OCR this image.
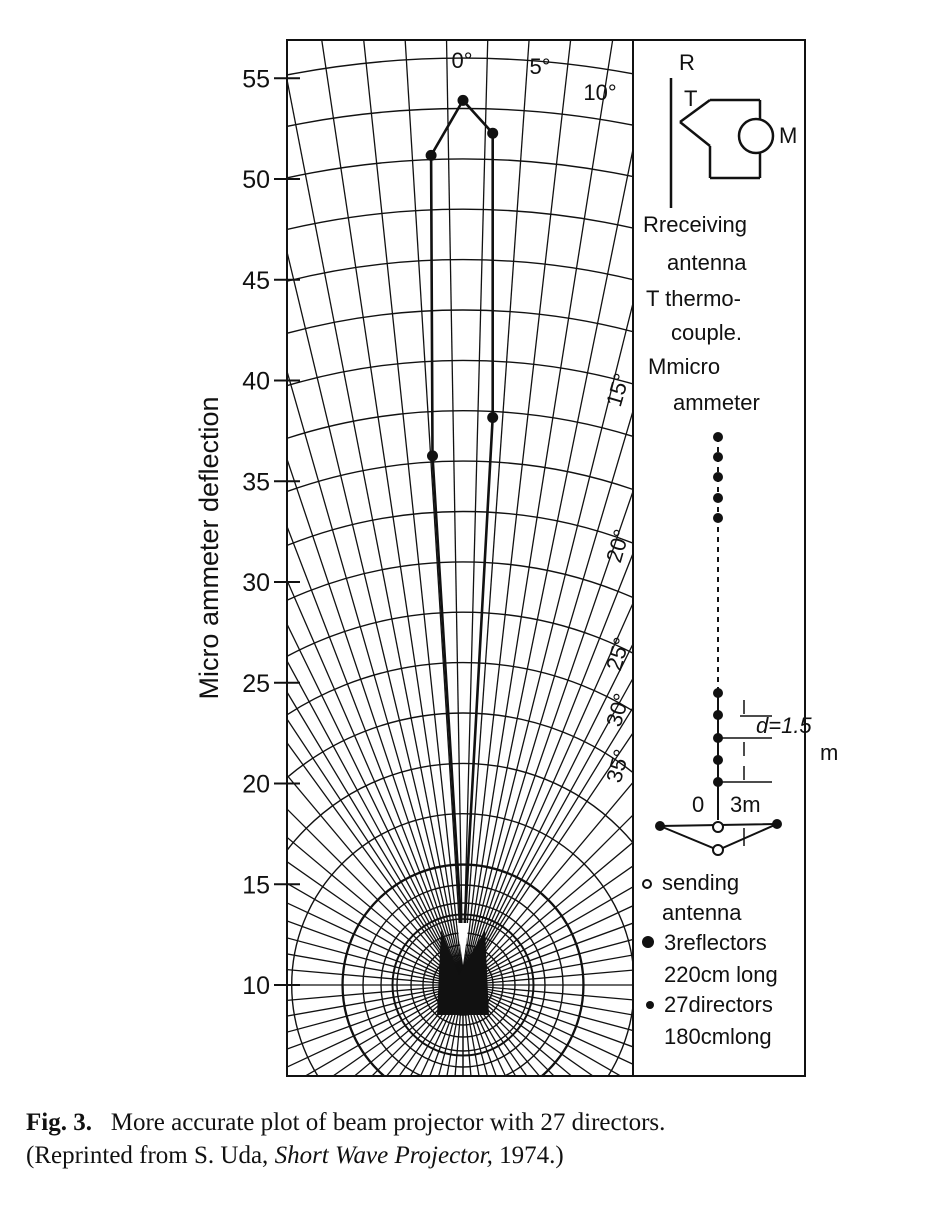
10
15
20
25
30
35
40
45
50
55
Micro ammeter deflection
0°	5°
10°
15°
20°
25°
30°
35°
R
T
M
Rreceiving
antenna
T thermo-
couple.
Mmicro
ammeter
d=1.5
m
0 3m
sending
antenna
3reflectors
220cm long
27directors
180cmlong
Fig. 3. More accurate plot of beam projector with 27 directors.
(Reprinted from S. Uda, Short Wave Projector, 1974.)
